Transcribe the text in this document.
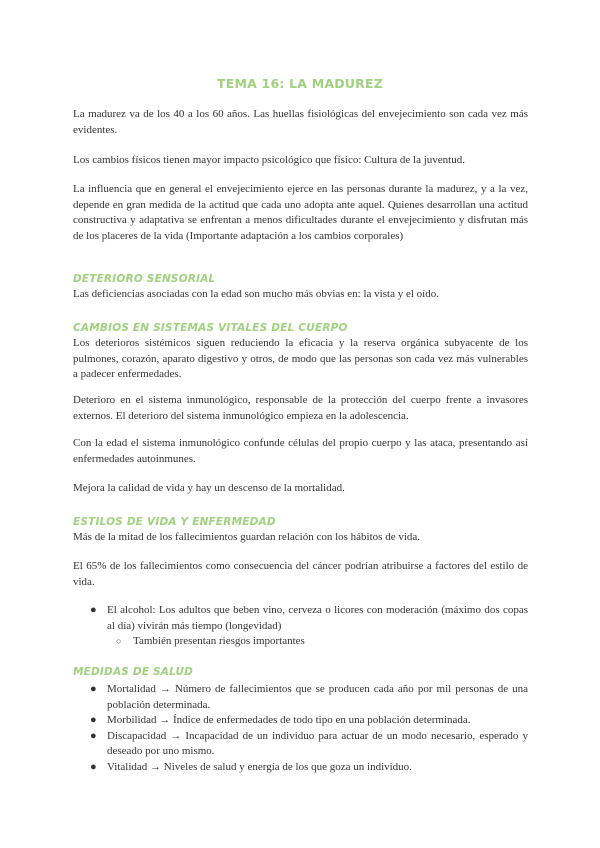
TEMA 16: LA MADUREZ

La madurez va de los 40 a los 60 años. Las huellas fisiológicas del envejecimiento son cada vez más evidentes.

Los cambios físicos tienen mayor impacto psicológico que físico: Cultura de la juventud.

La influencia que en general el envejecimiento ejerce en las personas durante la madurez, y a la vez, depende en gran medida de la actitud que cada uno adopta ante aquel. Quienes desarrollan una actitud constructiva y adaptativa se enfrentan a menos dificultades durante el envejecimiento y disfrutan más de los placeres de la vida (Importante adaptación a los cambios corporales)

DETERIORO SENSORIAL

Las deficiencias asociadas con la edad son mucho más obvias en: la vista y el oído.

CAMBIOS EN SISTEMAS VITALES DEL CUERPO

Los deterioros sistémicos siguen reduciendo la eficacia y la reserva orgánica subyacente de los pulmones, corazón, aparato digestivo y otros, de modo que las personas son cada vez más vulnerables a padecer enfermedades.

Deterioro en el sistema inmunológico, responsable de la protección del cuerpo frente a invasores externos. El deterioro del sistema inmunológico empieza en la adolescencia.

Con la edad el sistema inmunológico confunde células del propio cuerpo y las ataca, presentando así enfermedades autoinmunes.

Mejora la calidad de vida y hay un descenso de la mortalidad.

ESTILOS DE VIDA Y ENFERMEDAD

Más de la mitad de los fallecimientos guardan relación con los hábitos de vida.

El 65% de los fallecimientos como consecuencia del cáncer podrían atribuirse a factores del estilo de vida.

● El alcohol: Los adultos que beben vino, cerveza o licores con moderación (máximo dos copas al día) vivirán más tiempo (longevidad)
○ También presentan riesgos importantes
MEDIDAS DE SALUD
● Mortalidad → Número de fallecimientos que se producen cada año por mil personas de una población determinada.
● Morbilidad → Índice de enfermedades de todo tipo en una población determinada.
● Discapacidad → Incapacidad de un individuo para actuar de un modo necesario, esperado y deseado por uno mismo.
● Vitalidad → Niveles de salud y energía de los que goza un individuo.
